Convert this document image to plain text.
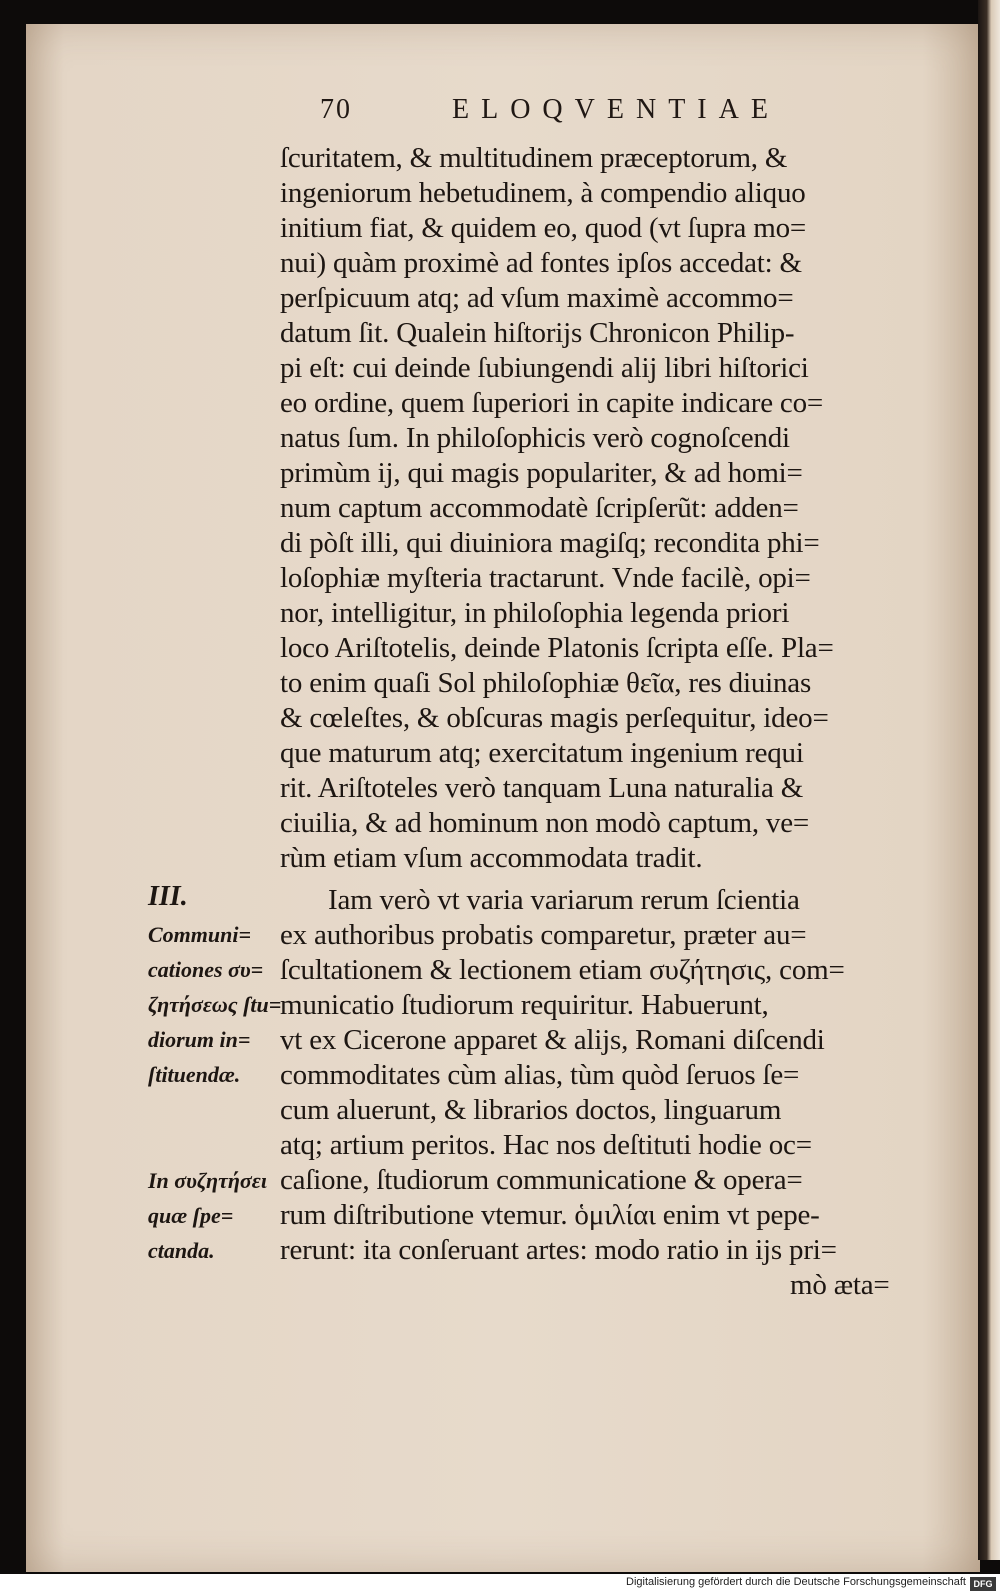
70	ELOQVENTIAE
ſcuritatem, & multitudinem præceptorum, &
ingeniorum hebetudinem, à compendio aliquo
initium fiat, & quidem eo, quod (vt ſupra mo=
nui) quàm proximè ad fontes ipſos accedat: &
perſpicuum atq; ad vſum maximè accommo=
datum ſit. Qualein hiſtorijs Chronicon Philip-
pi eſt: cui deinde ſubiungendi alij libri hiſtorici
eo ordine, quem ſuperiori in capite indicare co=
natus ſum. In philoſophicis verò cognoſcendi
primùm ij, qui magis populariter, & ad homi=
num captum accommodatè ſcripſerũt: adden=
di pòſt illi, qui diuiniora magiſq; recondita phi=
loſophiæ myſteria tractarunt. Vnde facilè, opi=
nor, intelligitur, in philoſophia legenda priori
loco Ariſtotelis, deinde Platonis ſcripta eſſe. Pla=
to enim quaſi Sol philoſophiæ θεῖα, res diuinas
& cœleſtes, & obſcuras magis perſequitur, ideo=
que maturum atq; exercitatum ingenium requi
rit. Ariſtoteles verò tanquam Luna naturalia &
ciuilia, & ad hominum non modò captum, ve=
rùm etiam vſum accommodata tradit.
Iam verò vt varia variarum rerum ſcientia
ex authoribus probatis comparetur, præter au=
ſcultationem & lectionem etiam συζήτησις, com=
municatio ſtudiorum requiritur. Habuerunt,
vt ex Cicerone apparet & alijs, Romani diſcendi
commoditates cùm alias, tùm quòd ſeruos ſe=
cum aluerunt, & librarios doctos, linguarum
atq; artium peritos. Hac nos deſtituti hodie oc=
caſione, ſtudiorum communicatione & opera=
rum diſtributione vtemur. ὁμιλίαι enim vt pepe-
rerunt: ita conſeruant artes: modo ratio in ijs pri=
mò æta=
III.
Communi=
cationes συ=
ζητήσεως ſtu=
diorum in=
ſtituendæ.
In συζητήσει
quæ ſpe=
ctanda.
Digitalisierung gefördert durch die Deutsche Forschungsgemeinschaft DFG
